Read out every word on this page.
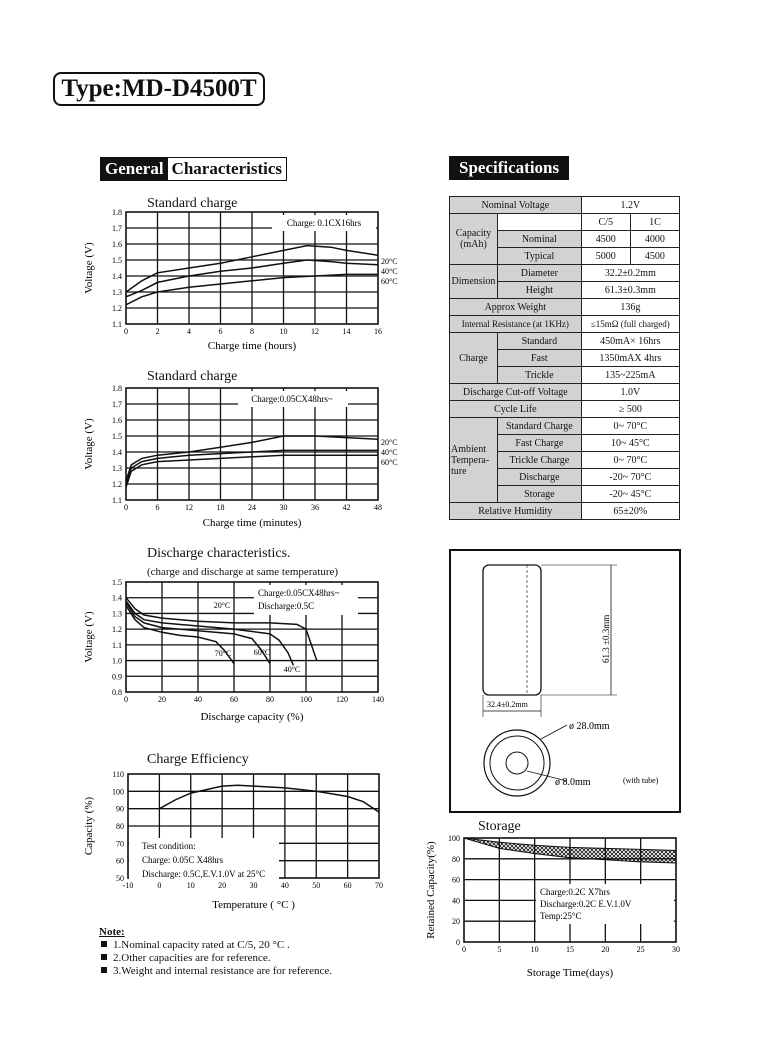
Type:MD-D4500T
General Characteristics	Specifications
Standard charge
0	2	4	6	8	10	12	14	16
1.1
1.2
1.3
1.4
1.5
1.6
1.7
1.8
Charge time (hours)
Voltage (V)
Charge: 0.1CX16hrs
20°C
40°C
60°C
Standard charge
0	6	12	18	24	30	36	42	48
1.1
1.2
1.3
1.4
1.5
1.6
1.7
1.8
Charge time (minutes)
Voltage (V)
Charge:0.05CX48hrs~
20°C
40°C
60°C
Discharge characteristics.
(charge and discharge at same temperature)
0	20	40	60	80	100	120	140
0.8
0.9
1.0
1.1
1.2
1.3
1.4
1.5
Discharge capacity (%)
Voltage (V)
Charge:0.05CX48hrs~
Discharge:0.5C
20°C
70°C	60°C
40°C
Charge Efficiency
-10	0	10	20	30	40	50	60	70
50
60
70
80
90
100
110
Temperature ( °C )
Capacity (%)	Test condition:
Charge: 0.05C X48hrs
Discharge: 0.5C,E.V.1.0V at 25°C
Nominal Voltage		1.2V	
Capacity
(mAh)		C/5	1C
	Nominal	4500	4000
	Typical	5000	4500
Dimension	Diameter	32.2±0.2mm	
	Height	61.3±0.3mm	
Approx Weight		136g	
Internal Resistance (at 1KHz)		≤15mΩ (full charged)	
Charge	Standard	450mA× 16hrs	
	Fast	1350mAX 4hrs	
	Trickle	135~225mA	
Discharge Cut-off Voltage		1.0V	
Cycle Life		≥ 500	
Ambient
Tempera-
ture	Standard Charge	0~ 70°C	
	Fast Charge	10~ 45°C	
	Trickle Charge	0~ 70°C	
	Discharge	-20~ 70°C	
	Storage	-20~ 45°C	
Relative Humidity		65±20%	
61.3 ±0.3mm
32.4±0.2mm
ø 28.0mm
ø 8.0mm	(with tube)
Storage
0	5	10	15	20	25	30
0
20
40
60
80
100
Storage Time(days)
Retained Capacity(%)	Charge:0.2C X7hrs
Discharge:0.2C E.V.1.0V
Temp:25°C
Note:
1.Nominal capacity rated at C/5, 20 °C .
2.Other capacities are for reference.
3.Weight and internal resistance are for reference.
